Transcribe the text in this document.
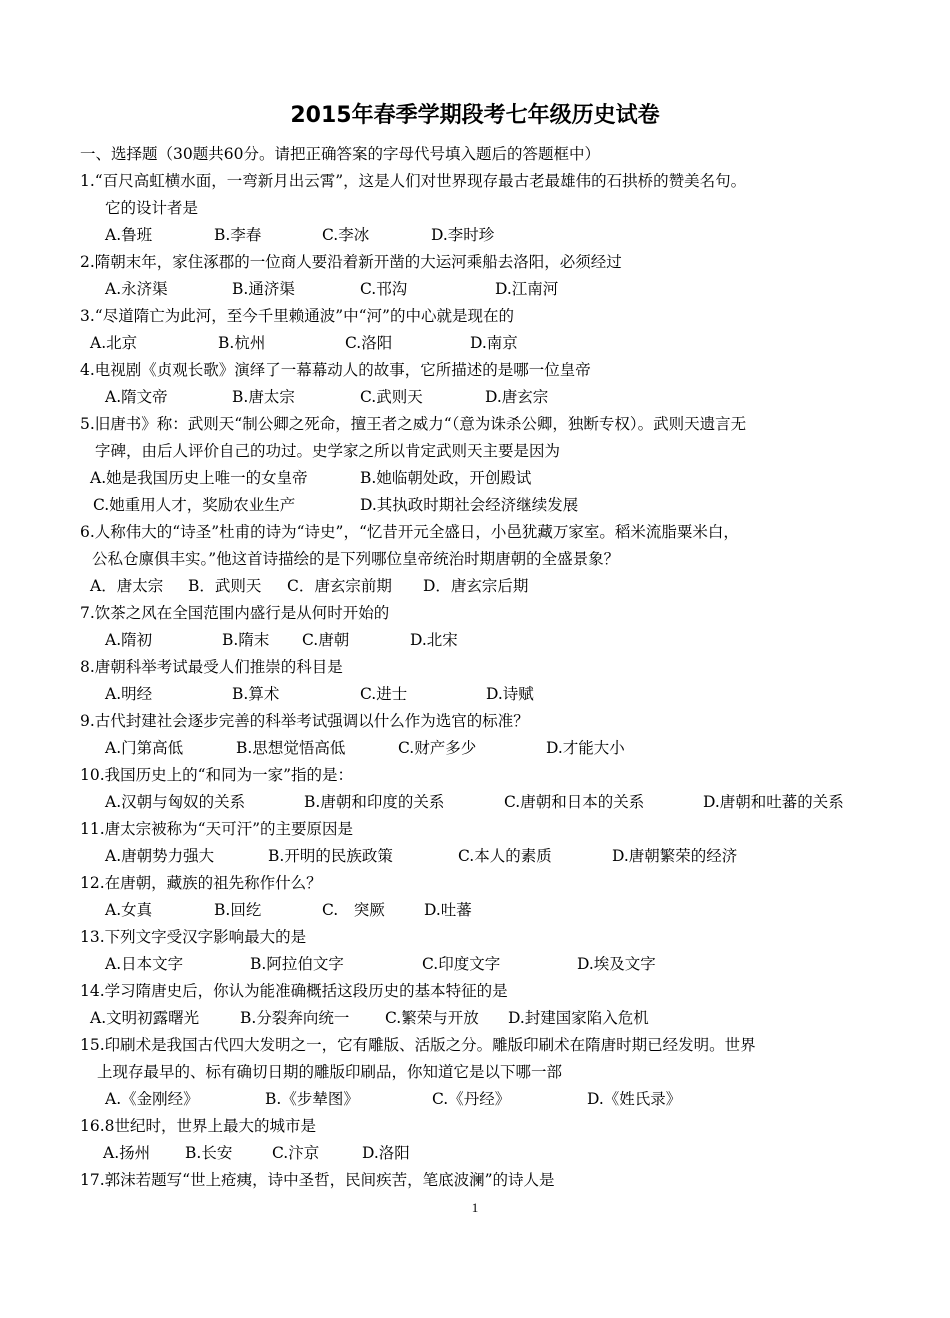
2015年春季学期段考七年级历史试卷
一、选择题（30题共60分。请把正确答案的字母代号填入题后的答题框中）
1.“百尺高虹横水面，一弯新月出云霄”，这是人们对世界现存最古老最雄伟的石拱桥的赞美名句。
它的设计者是
A.鲁班	B.李春	C.李冰	D.李时珍
2.隋朝末年，家住涿郡的一位商人要沿着新开凿的大运河乘船去洛阳，必须经过
A.永济渠	B.通济渠	C.邗沟	D.江南河
3.“尽道隋亡为此河，至今千里赖通波”中“河”的中心就是现在的
A.北京	B.杭州	C.洛阳	D.南京
4.电视剧《贞观长歌》演绎了一幕幕动人的故事，它所描述的是哪一位皇帝
A.隋文帝	B.唐太宗	C.武则天	D.唐玄宗
5.旧唐书》称：武则天“制公卿之死命，擅王者之威力“（意为诛杀公卿，独断专权）。武则天遗言无
字碑，由后人评价自己的功过。史学家之所以肯定武则天主要是因为
A.她是我国历史上唯一的女皇帝	B.她临朝处政，开创殿试
C.她重用人才，奖励农业生产	D.其执政时期社会经济继续发展
6.人称伟大的“诗圣”杜甫的诗为“诗史”，“忆昔开元全盛日，小邑犹藏万家室。稻米流脂粟米白，
公私仓廪俱丰实。”他这首诗描绘的是下列哪位皇帝统治时期唐朝的全盛景象？
A．唐太宗 B．武则天 C．唐玄宗前期 D．唐玄宗后期
7.饮茶之风在全国范围内盛行是从何时开始的
A.隋初	B.隋末 C.唐朝	D.北宋
8.唐朝科举考试最受人们推崇的科目是
A.明经	B.算术	C.进士	D.诗赋
9.古代封建社会逐步完善的科举考试强调以什么作为选官的标准？
A.门第高低	B.思想觉悟高低	C.财产多少	D.才能大小
10.我国历史上的“和同为一家”指的是：
A.汉朝与匈奴的关系	B.唐朝和印度的关系	C.唐朝和日本的关系	D.唐朝和吐蕃的关系
11.唐太宗被称为“天可汗”的主要原因是
A.唐朝势力强大	B.开明的民族政策	C.本人的素质	D.唐朝繁荣的经济
12.在唐朝，藏族的祖先称作什么？
A.女真	B.回纥	C.　突厥	D.吐蕃
13.下列文字受汉字影响最大的是
A.日本文字	B.阿拉伯文字	C.印度文字	D.埃及文字
14.学习隋唐史后，你认为能准确概括这段历史的基本特征的是
A.文明初露曙光	B.分裂奔向统一 C.繁荣与开放 D.封建国家陷入危机
15.印刷术是我国古代四大发明之一，它有雕版、活版之分。雕版印刷术在隋唐时期已经发明。世界
上现存最早的、标有确切日期的雕版印刷品，你知道它是以下哪一部
A.《金刚经》	B.《步辇图》	C.《丹经》	D.《姓氏录》
16.8世纪时，世界上最大的城市是
A.扬州 B.长安	C.汴京	D.洛阳
17.郭沫若题写“世上疮痍，诗中圣哲，民间疾苦，笔底波澜”的诗人是
1
